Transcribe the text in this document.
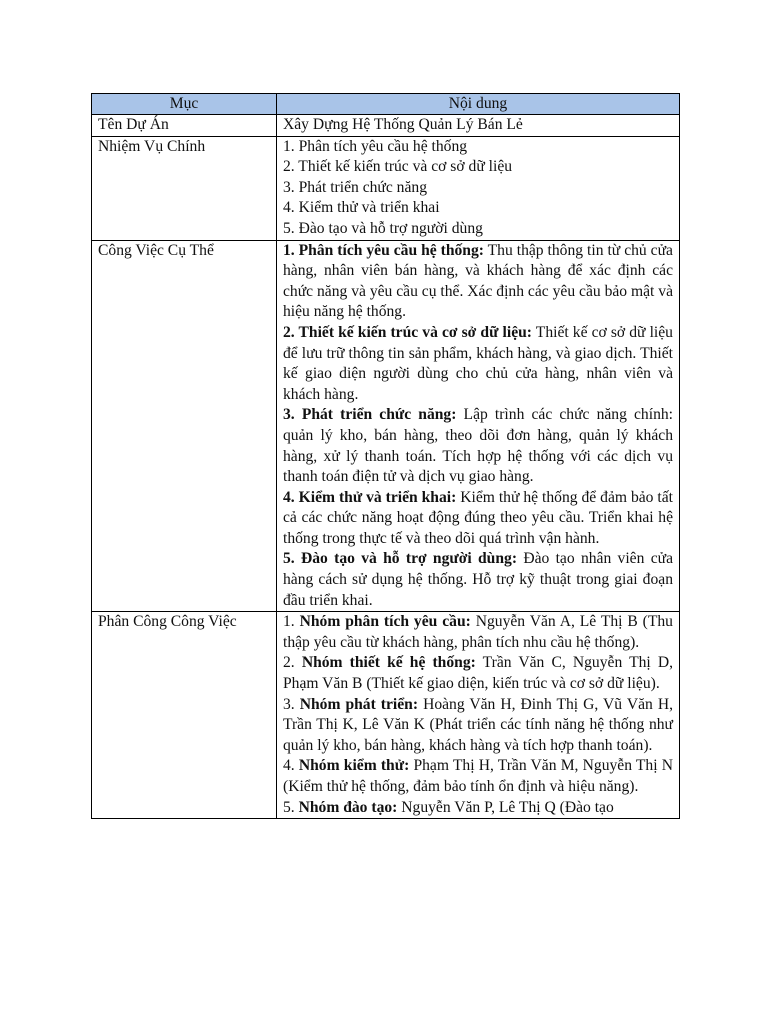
Mục	Nội dung
Tên Dự Án	Xây Dựng Hệ Thống Quản Lý Bán Lẻ
Nhiệm Vụ Chính	1. Phân tích yêu cầu hệ thống
2. Thiết kế kiến trúc và cơ sở dữ liệu
3. Phát triển chức năng
4. Kiểm thử và triển khai
5. Đào tạo và hỗ trợ người dùng

Công Việc Cụ Thể	1. Phân tích yêu cầu hệ thống: Thu thập thông tin từ chủ cửa hàng, nhân viên bán hàng, và khách hàng để xác định các chức năng và yêu cầu cụ thể. Xác định các yêu cầu bảo mật và hiệu năng hệ thống.
2. Thiết kế kiến trúc và cơ sở dữ liệu: Thiết kế cơ sở dữ liệu để lưu trữ thông tin sản phẩm, khách hàng, và giao dịch. Thiết kế giao diện người dùng cho chủ cửa hàng, nhân viên và khách hàng.
3. Phát triển chức năng: Lập trình các chức năng chính: quản lý kho, bán hàng, theo dõi đơn hàng, quản lý khách hàng, xử lý thanh toán. Tích hợp hệ thống với các dịch vụ thanh toán điện tử và dịch vụ giao hàng.
4. Kiểm thử và triển khai: Kiểm thử hệ thống để đảm bảo tất cả các chức năng hoạt động đúng theo yêu cầu. Triển khai hệ thống trong thực tế và theo dõi quá trình vận hành.
5. Đào tạo và hỗ trợ người dùng: Đào tạo nhân viên cửa hàng cách sử dụng hệ thống. Hỗ trợ kỹ thuật trong giai đoạn đầu triển khai.

Phân Công Công Việc	1. Nhóm phân tích yêu cầu: Nguyễn Văn A, Lê Thị B (Thu thập yêu cầu từ khách hàng, phân tích nhu cầu hệ thống).
2. Nhóm thiết kế hệ thống: Trần Văn C, Nguyễn Thị D, Phạm Văn B (Thiết kế giao diện, kiến trúc và cơ sở dữ liệu).
3. Nhóm phát triển: Hoàng Văn H, Đinh Thị G, Vũ Văn H, Trần Thị K, Lê Văn K (Phát triển các tính năng hệ thống như quản lý kho, bán hàng, khách hàng và tích hợp thanh toán).
4. Nhóm kiểm thử: Phạm Thị H, Trần Văn M, Nguyễn Thị N (Kiểm thử hệ thống, đảm bảo tính ổn định và hiệu năng).
5. Nhóm đào tạo: Nguyễn Văn P, Lê Thị Q (Đào tạo
